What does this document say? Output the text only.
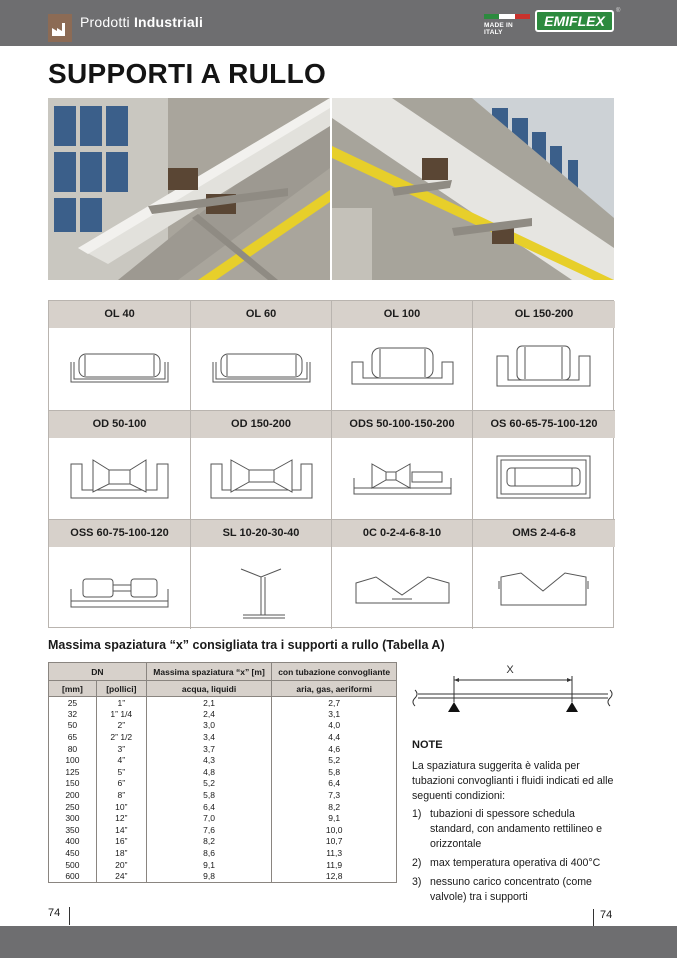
Prodotti Industriali	MADE IN ITALY
EMIFLEX
®
SUPPORTI A RULLO
OL 40	OL 60	OL 100	OL 150-200
OD 50-100	OD 150-200	ODS 50-100-150-200	OS 60-65-75-100-120
OSS 60-75-100-120	SL 10-20-30-40	0C 0-2-4-6-8-10	OMS 2-4-6-8
Massima spaziatura “x” consigliata tra i supporti a rullo (Tabella A)
DN		Massima spaziatura “x” [m]	con tubazione convogliante
[mm]	[pollici]	acqua, liquidi	aria, gas, aeriformi
25	1”	2,1	2,7
32	1” 1/4	2,4	3,1
50	2”	3,0	4,0
65	2” 1/2	3,4	4,4
80	3”	3,7	4,6
100	4”	4,3	5,2
125	5”	4,8	5,8
150	6”	5,2	6,4
200	8”	5,8	7,3
250	10”	6,4	8,2
300	12”	7,0	9,1
350	14”	7,6	10,0
400	16”	8,2	10,7
450	18”	8,6	11,3
500	20”	9,1	11,9
600	24”	9,8	12,8
X
NOTE
La spaziatura suggerita è valida per tubazioni convoglianti i fluidi indicati ed alle seguenti condizioni:
1) tubazioni di spessore schedula standard, con andamento rettilineo e orizzontale
2) max temperatura operativa di 400°C
3) nessuno carico concentrato (come valvole) tra i supporti
74	74
